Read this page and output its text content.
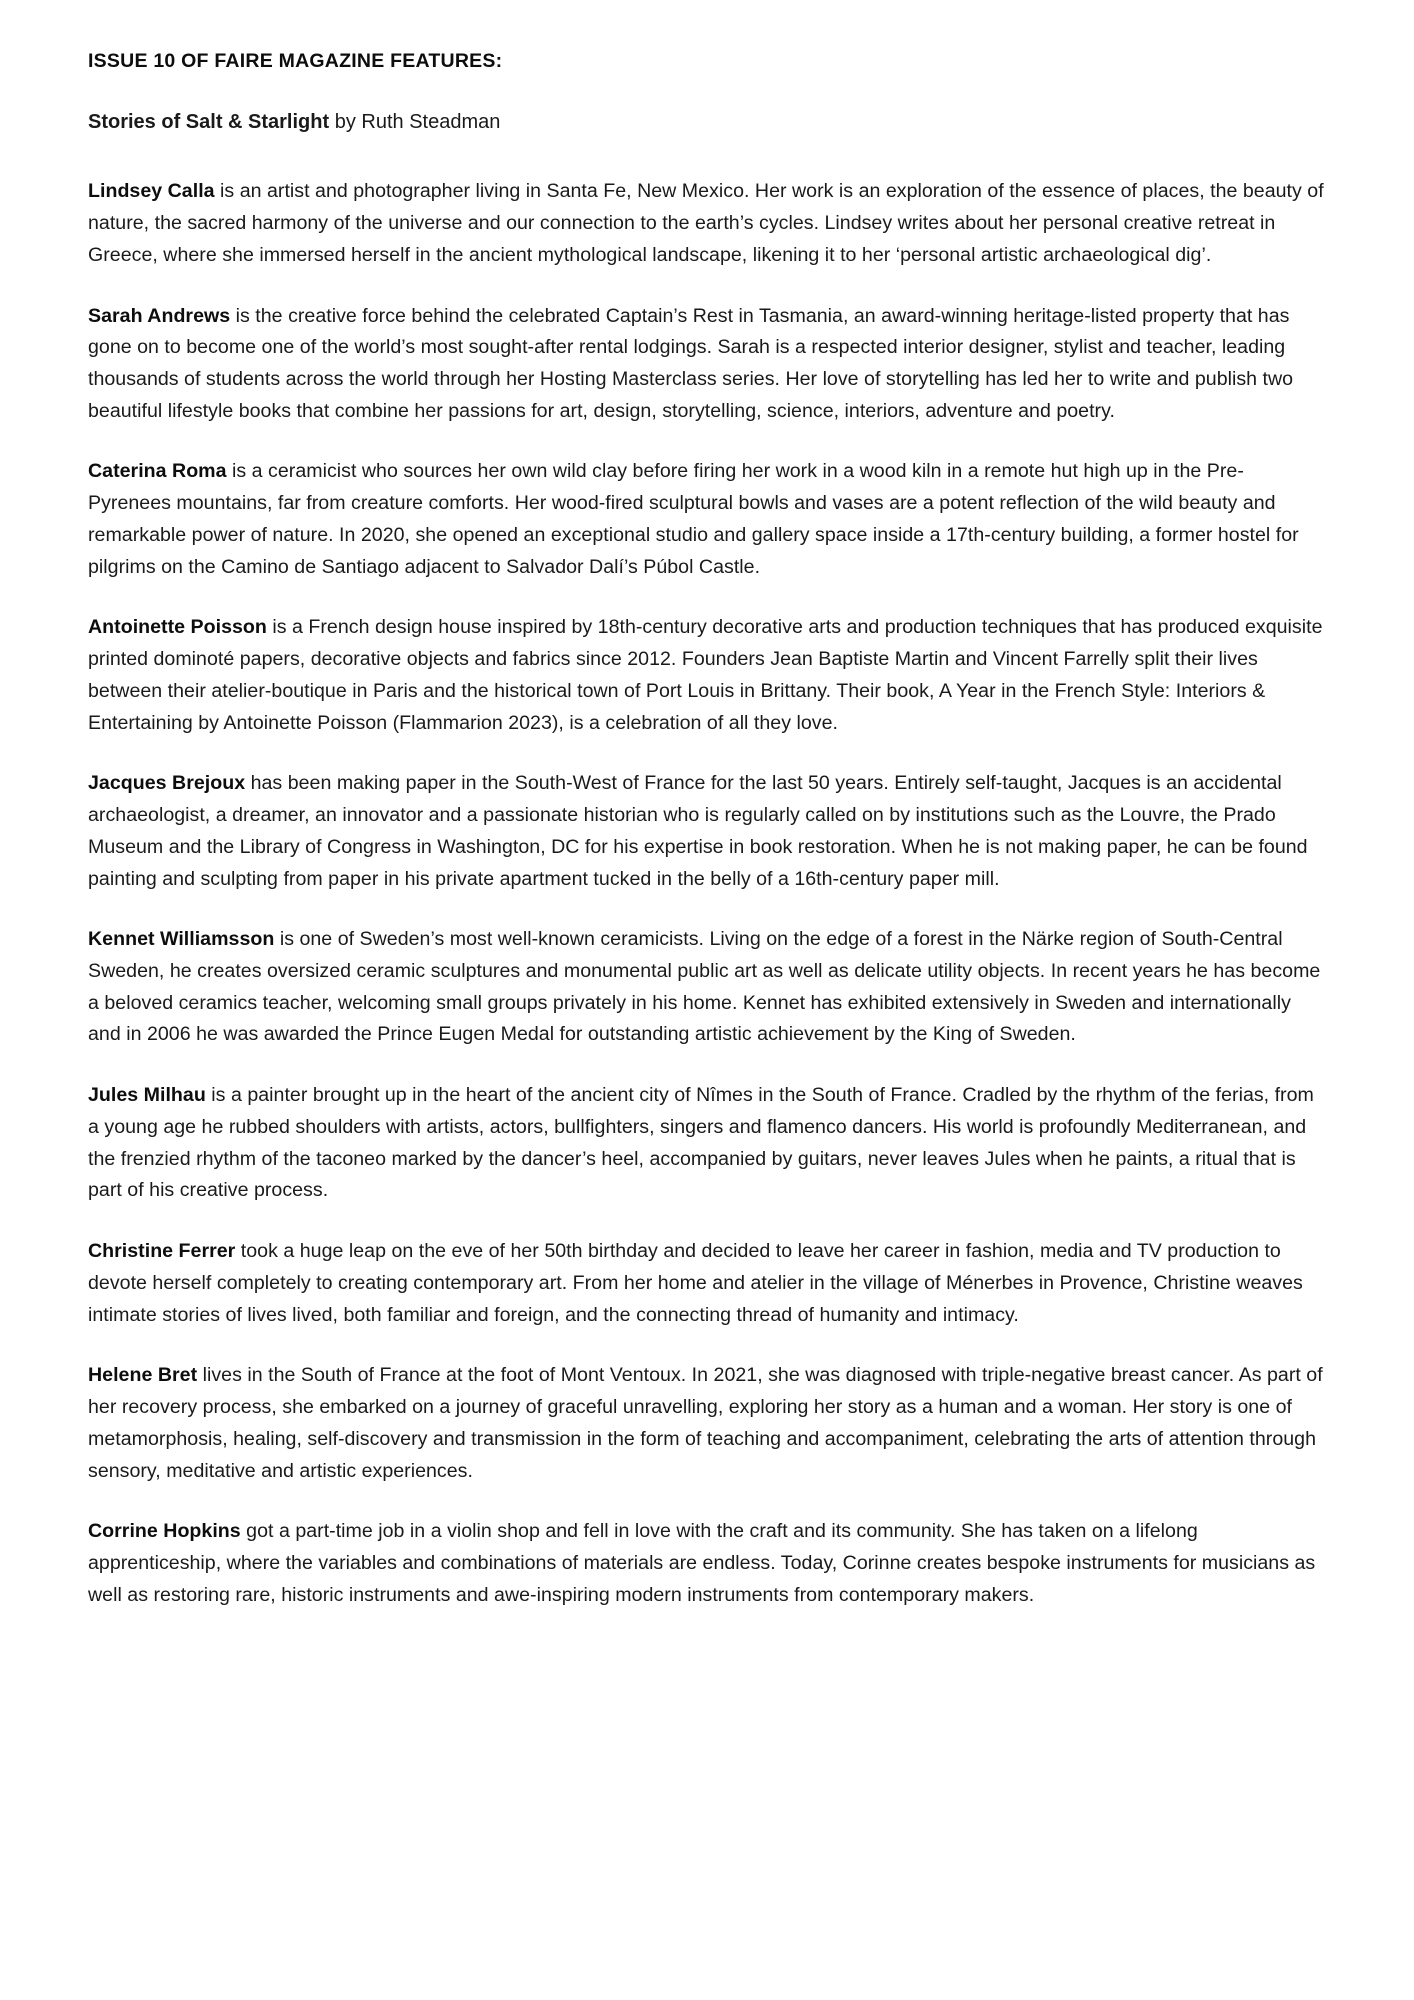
ISSUE 10 OF FAIRE MAGAZINE FEATURES:

Stories of Salt & Starlight by Ruth Steadman

Lindsey Calla is an artist and photographer living in Santa Fe, New Mexico. Her work is an exploration of the essence of places, the beauty of nature, the sacred harmony of the universe and our connection to the earth’s cycles. Lindsey writes about her personal creative retreat in Greece, where she immersed herself in the ancient mythological landscape, likening it to her ‘personal artistic archaeological dig’.

Sarah Andrews is the creative force behind the celebrated Captain’s Rest in Tasmania, an award-winning heritage-listed property that has gone on to become one of the world’s most sought-after rental lodgings. Sarah is a respected interior designer, stylist and teacher, leading thousands of students across the world through her Hosting Masterclass series. Her love of storytelling has led her to write and publish two beautiful lifestyle books that combine her passions for art, design, storytelling, science, interiors, adventure and poetry.

Caterina Roma is a ceramicist who sources her own wild clay before firing her work in a wood kiln in a remote hut high up in the Pre-Pyrenees mountains, far from creature comforts. Her wood-fired sculptural bowls and vases are a potent reflection of the wild beauty and remarkable power of nature. In 2020, she opened an exceptional studio and gallery space inside a 17th-century building, a former hostel for pilgrims on the Camino de Santiago adjacent to Salvador Dalí’s Púbol Castle.

Antoinette Poisson is a French design house inspired by 18th-century decorative arts and production techniques that has produced exquisite printed dominoté papers, decorative objects and fabrics since 2012. Founders Jean Baptiste Martin and Vincent Farrelly split their lives between their atelier-boutique in Paris and the historical town of Port Louis in Brittany. Their book, A Year in the French Style: Interiors & Entertaining by Antoinette Poisson (Flammarion 2023), is a celebration of all they love.

Jacques Brejoux has been making paper in the South-West of France for the last 50 years. Entirely self-taught, Jacques is an accidental archaeologist, a dreamer, an innovator and a passionate historian who is regularly called on by institutions such as the Louvre, the Prado Museum and the Library of Congress in Washington, DC for his expertise in book restoration. When he is not making paper, he can be found painting and sculpting from paper in his private apartment tucked in the belly of a 16th-century paper mill.

Kennet Williamsson is one of Sweden’s most well-known ceramicists. Living on the edge of a forest in the Närke region of South-Central Sweden, he creates oversized ceramic sculptures and monumental public art as well as delicate utility objects. In recent years he has become a beloved ceramics teacher, welcoming small groups privately in his home. Kennet has exhibited extensively in Sweden and internationally and in 2006 he was awarded the Prince Eugen Medal for outstanding artistic achievement by the King of Sweden.

Jules Milhau is a painter brought up in the heart of the ancient city of Nîmes in the South of France. Cradled by the rhythm of the ferias, from a young age he rubbed shoulders with artists, actors, bullfighters, singers and flamenco dancers. His world is profoundly Mediterranean, and the frenzied rhythm of the taconeo marked by the dancer’s heel, accompanied by guitars, never leaves Jules when he paints, a ritual that is part of his creative process.

Christine Ferrer took a huge leap on the eve of her 50th birthday and decided to leave her career in fashion, media and TV production to devote herself completely to creating contemporary art. From her home and atelier in the village of Ménerbes in Provence, Christine weaves intimate stories of lives lived, both familiar and foreign, and the connecting thread of humanity and intimacy.

Helene Bret lives in the South of France at the foot of Mont Ventoux. In 2021, she was diagnosed with triple-negative breast cancer. As part of her recovery process, she embarked on a journey of graceful unravelling, exploring her story as a human and a woman. Her story is one of metamorphosis, healing, self-discovery and transmission in the form of teaching and accompaniment, celebrating the arts of attention through sensory, meditative and artistic experiences.

Corrine Hopkins got a part-time job in a violin shop and fell in love with the craft and its community. She has taken on a lifelong apprenticeship, where the variables and combinations of materials are endless. Today, Corinne creates bespoke instruments for musicians as well as restoring rare, historic instruments and awe-inspiring modern instruments from contemporary makers.
